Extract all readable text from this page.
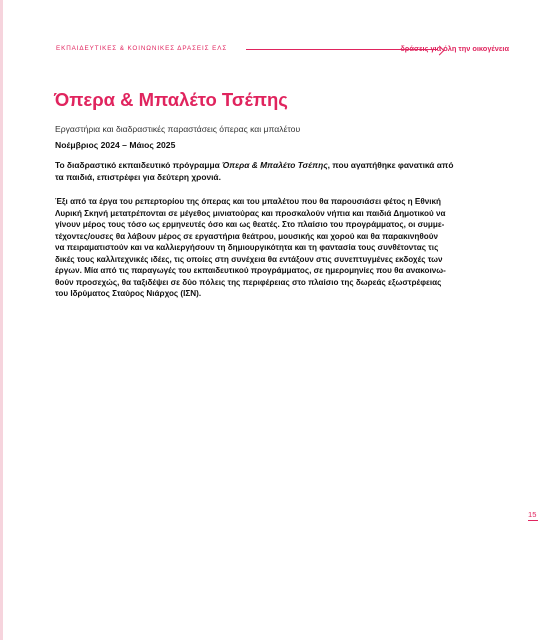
ΕΚΠΑΙΔΕΥΤΙΚΕΣ & ΚΟΙΝΩΝΙΚΕΣ ΔΡΑΣΕΙΣ ΕΛΣ	δράσεις για όλη την οικογένεια
Όπερα & Μπαλέτο Τσέπης

Εργαστήρια και διαδραστικές παραστάσεις όπερας και μπαλέτου

Νοέμβριος 2024 – Μάιος 2025

Το διαδραστικό εκπαιδευτικό πρόγραμμα Όπερα & Μπαλέτο Τσέπης, που αγαπήθηκε φανατικά από
τα παιδιά, επιστρέφει για δεύτερη χρονιά.
Έξι από τα έργα του ρεπερτορίου της όπερας και του μπαλέτου που θα παρουσιάσει φέτος η Εθνική
Λυρική Σκηνή μετατρέπονται σε μέγεθος μινιατούρας και προσκαλούν νήπια και παιδιά Δημοτικού να
γίνουν μέρος τους τόσο ως ερμηνευτές όσο και ως θεατές. Στο πλαίσιο του προγράμματος, οι συμμε-
τέχοντες/ουσες θα λάβουν μέρος σε εργαστήρια θεάτρου, μουσικής και χορού και θα παρακινηθούν
να πειραματιστούν και να καλλιεργήσουν τη δημιουργικότητα και τη φαντασία τους συνθέτοντας τις
δικές τους καλλιτεχνικές ιδέες, τις οποίες στη συνέχεια θα εντάξουν στις συνεπτυγμένες εκδοχές των
έργων. Μία από τις παραγωγές του εκπαιδευτικού προγράμματος, σε ημερομηνίες που θα ανακοινω-
θούν προσεχώς, θα ταξιδέψει σε δύο πόλεις της περιφέρειας στο πλαίσιο της δωρεάς εξωστρέφειας
του Ιδρύματος Σταύρος Νιάρχος (ΙΣΝ).
15
